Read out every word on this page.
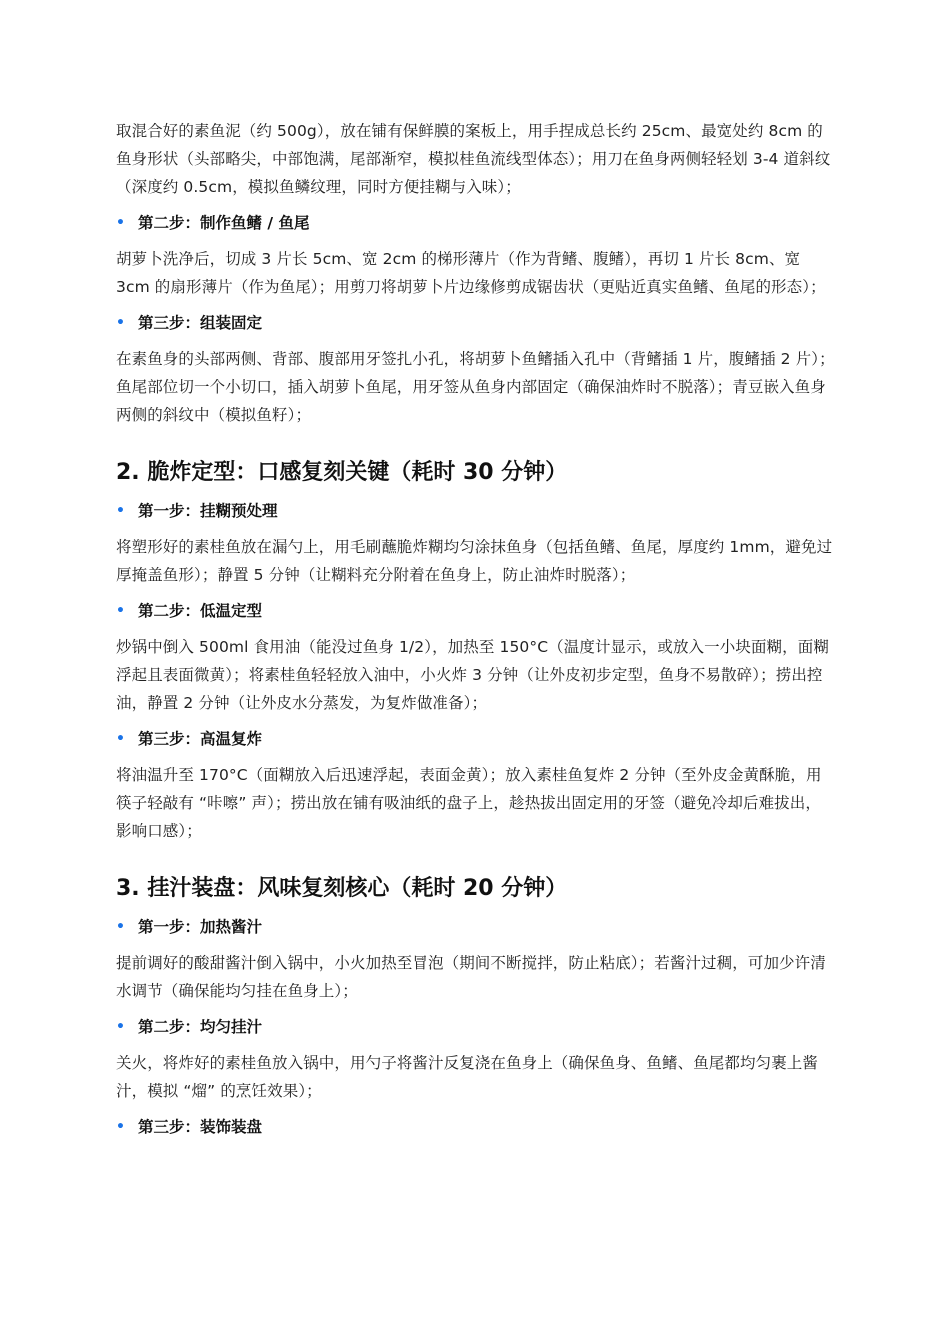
取混合好的素鱼泥（约 500g），放在铺有保鲜膜的案板上，用手捏成总长约 25cm、最宽处约 8cm 的鱼身形状（头部略尖，中部饱满，尾部渐窄，模拟桂鱼流线型体态）；用刀在鱼身两侧轻轻划 3-4 道斜纹（深度约 0.5cm，模拟鱼鳞纹理，同时方便挂糊与入味）；

• 第二步：制作鱼鳍 / 鱼尾

胡萝卜洗净后，切成 3 片长 5cm、宽 2cm 的梯形薄片（作为背鳍、腹鳍），再切 1 片长 8cm、宽 3cm 的扇形薄片（作为鱼尾）；用剪刀将胡萝卜片边缘修剪成锯齿状（更贴近真实鱼鳍、鱼尾的形态）；

• 第三步：组装固定

在素鱼身的头部两侧、背部、腹部用牙签扎小孔，将胡萝卜鱼鳍插入孔中（背鳍插 1 片，腹鳍插 2 片）；鱼尾部位切一个小切口，插入胡萝卜鱼尾，用牙签从鱼身内部固定（确保油炸时不脱落）；青豆嵌入鱼身两侧的斜纹中（模拟鱼籽）；

2. 脆炸定型：口感复刻关键（耗时 30 分钟）
• 第一步：挂糊预处理

将塑形好的素桂鱼放在漏勺上，用毛刷蘸脆炸糊均匀涂抹鱼身（包括鱼鳍、鱼尾，厚度约 1mm，避免过厚掩盖鱼形）；静置 5 分钟（让糊料充分附着在鱼身上，防止油炸时脱落）；

• 第二步：低温定型

炒锅中倒入 500ml 食用油（能没过鱼身 1/2），加热至 150°C（温度计显示，或放入一小块面糊，面糊浮起且表面微黄）；将素桂鱼轻轻放入油中，小火炸 3 分钟（让外皮初步定型，鱼身不易散碎）；捞出控油，静置 2 分钟（让外皮水分蒸发，为复炸做准备）；

• 第三步：高温复炸

将油温升至 170°C（面糊放入后迅速浮起，表面金黄）；放入素桂鱼复炸 2 分钟（至外皮金黄酥脆，用筷子轻敲有 “咔嚓” 声）；捞出放在铺有吸油纸的盘子上，趁热拔出固定用的牙签（避免冷却后难拔出，影响口感）；

3. 挂汁装盘：风味复刻核心（耗时 20 分钟）
• 第一步：加热酱汁

提前调好的酸甜酱汁倒入锅中，小火加热至冒泡（期间不断搅拌，防止粘底）；若酱汁过稠，可加少许清水调节（确保能均匀挂在鱼身上）；

• 第二步：均匀挂汁

关火，将炸好的素桂鱼放入锅中，用勺子将酱汁反复浇在鱼身上（确保鱼身、鱼鳍、鱼尾都均匀裹上酱汁，模拟 “熘” 的烹饪效果）；

• 第三步：装饰装盘
